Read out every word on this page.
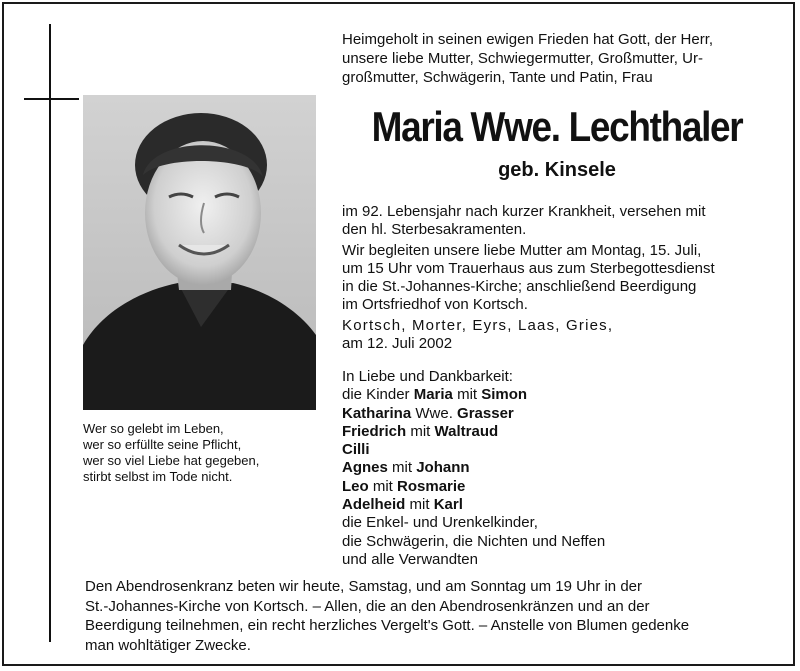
Wer so gelebt im Leben,
wer so erfüllte seine Pflicht,
wer so viel Liebe hat gegeben,
stirbt selbst im Tode nicht.
Heimgeholt in seinen ewigen Frieden hat Gott, der Herr,
unsere liebe Mutter, Schwiegermutter, Großmutter, Ur-
großmutter, Schwägerin, Tante und Patin, Frau
Maria Wwe. Lechthaler
geb. Kinsele
im 92. Lebensjahr nach kurzer Krankheit, versehen mit
den hl. Sterbesakramenten.
Wir begleiten unsere liebe Mutter am Montag, 15. Juli,
um 15 Uhr vom Trauerhaus aus zum Sterbegottesdienst
in die St.-Johannes-Kirche; anschließend Beerdigung
im Ortsfriedhof von Kortsch.
Kortsch, Morter, Eyrs, Laas, Gries,
am 12. Juli 2002
In Liebe und Dankbarkeit:
die Kinder Maria mit Simon
Katharina Wwe. Grasser
Friedrich mit Waltraud
Cilli
Agnes mit Johann
Leo mit Rosmarie
Adelheid mit Karl
die Enkel- und Urenkelkinder,
die Schwägerin, die Nichten und Neffen
und alle Verwandten
Den Abendrosenkranz beten wir heute, Samstag, und am Sonntag um 19 Uhr in der
St.-Johannes-Kirche von Kortsch. – Allen, die an den Abendrosenkränzen und an der
Beerdigung teilnehmen, ein recht herzliches Vergelt's Gott. – Anstelle von Blumen gedenke
man wohltätiger Zwecke.
